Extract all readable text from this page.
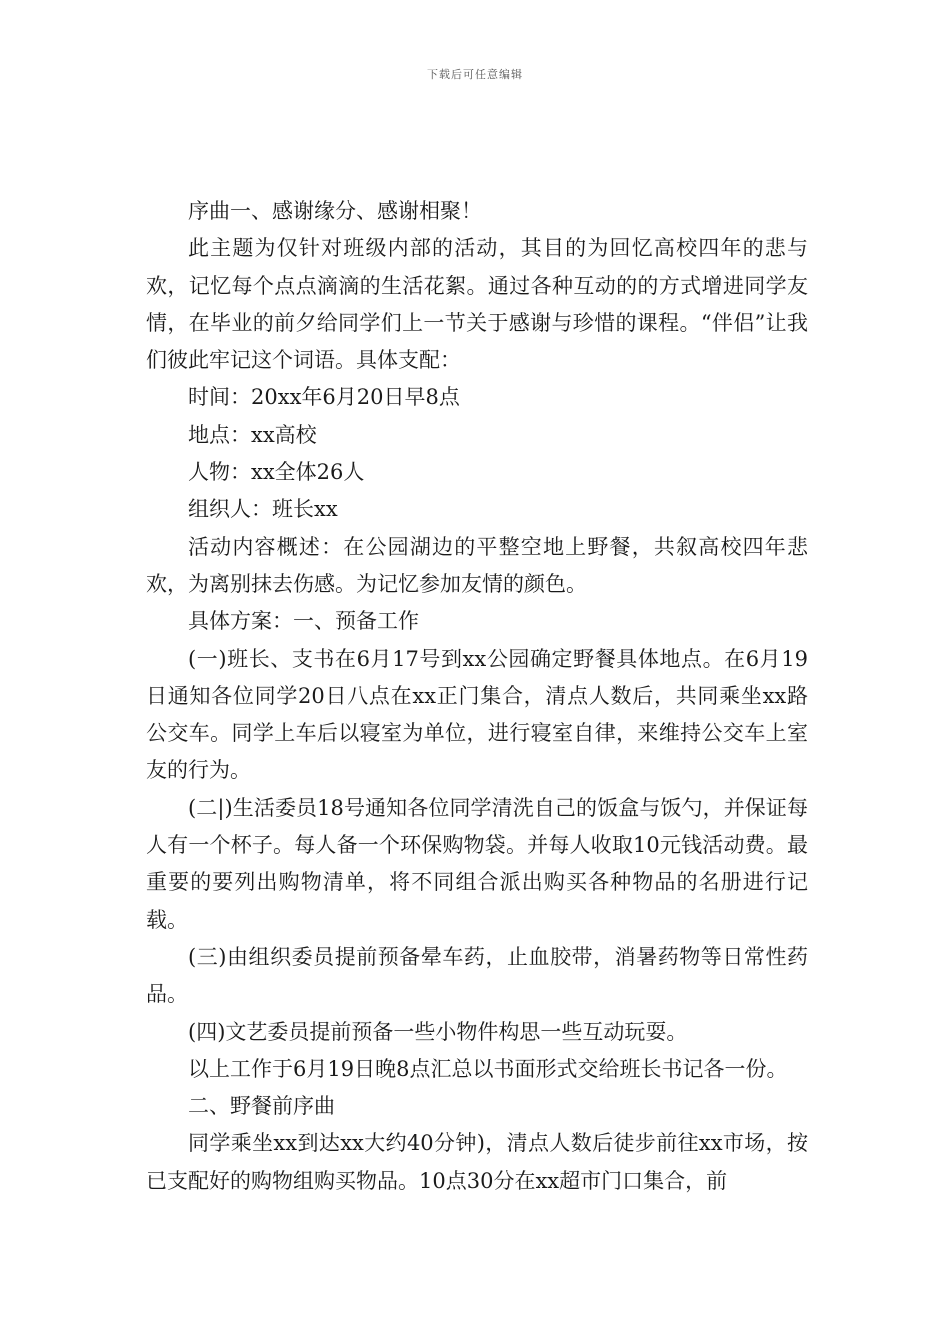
下载后可任意编辑

序曲一、感谢缘分、感谢相聚！

此主题为仅针对班级内部的活动，其目的为回忆高校四年的悲与欢，记忆每个点点滴滴的生活花絮。通过各种互动的的方式增进同学友情，在毕业的前夕给同学们上一节关于感谢与珍惜的课程。“伴侣”让我们彼此牢记这个词语。具体支配：

时间：20xx年6月20日早8点

地点：xx高校

人物：xx全体26人

组织人：班长xx

活动内容概述：在公园湖边的平整空地上野餐，共叙高校四年悲欢，为离别抹去伤感。为记忆参加友情的颜色。

具体方案：一、预备工作

(一)班长、支书在6月17号到xx公园确定野餐具体地点。在6月19日通知各位同学20日八点在xx正门集合，清点人数后，共同乘坐xx路公交车。同学上车后以寝室为单位，进行寝室自律，来维持公交车上室友的行为。

(二|)生活委员18号通知各位同学清洗自己的饭盒与饭勺，并保证每人有一个杯子。每人备一个环保购物袋。并每人收取10元钱活动费。最重要的要列出购物清单，将不同组合派出购买各种物品的名册进行记载。

(三)由组织委员提前预备晕车药，止血胶带，消暑药物等日常性药品。

(四)文艺委员提前预备一些小物件构思一些互动玩耍。

以上工作于6月19日晚8点汇总以书面形式交给班长书记各一份。

二、野餐前序曲

同学乘坐xx到达xx大约40分钟)，清点人数后徒步前往xx市场，按已支配好的购物组购买物品。10点30分在xx超市门口集合，前
